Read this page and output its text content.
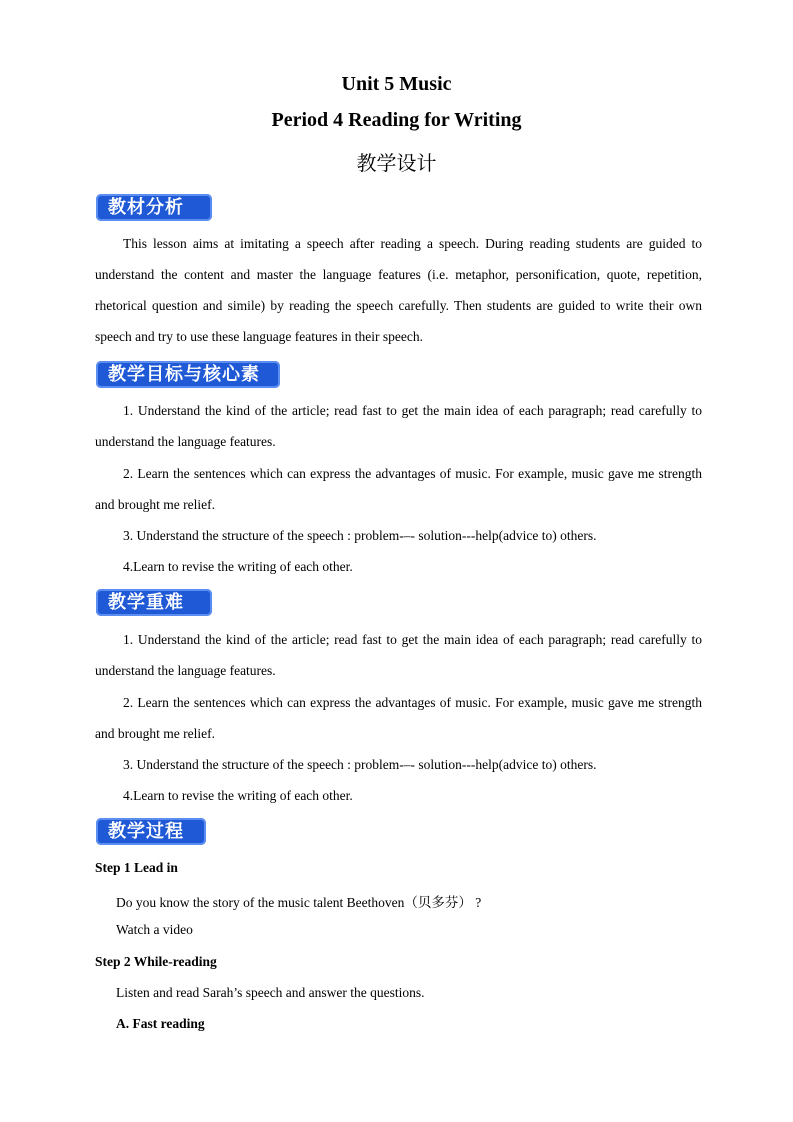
Unit 5 Music
Period 4 Reading for Writing
教学设计
教材分析

This lesson aims at imitating a speech after reading a speech. During reading students are guided to understand the content and master the language features (i.e. metaphor, personification, quote, repetition, rhetorical question and simile) by reading the speech carefully. Then students are guided to write their own speech and try to use these language features in their speech.

教学目标与核心素养

1. Understand the kind of the article; read fast to get the main idea of each paragraph; read carefully to understand the language features.

2. Learn the sentences which can express the advantages of music. For example, music gave me strength and brought me relief.

3. Understand the structure of the speech : problem-–- solution---help(advice to) others.

4.Learn to revise the writing of each other.

教学重难点

1. Understand the kind of the article; read fast to get the main idea of each paragraph; read carefully to understand the language features.

2. Learn the sentences which can express the advantages of music. For example, music gave me strength and brought me relief.

3. Understand the structure of the speech : problem-–- solution---help(advice to) others.

4.Learn to revise the writing of each other.

教学过程
Step 1 Lead in
Do you know the story of the music talent Beethoven（贝多芬） ?
Watch a video
Step 2 While-reading
Listen and read Sarah’s speech and answer the questions.
A. Fast reading
